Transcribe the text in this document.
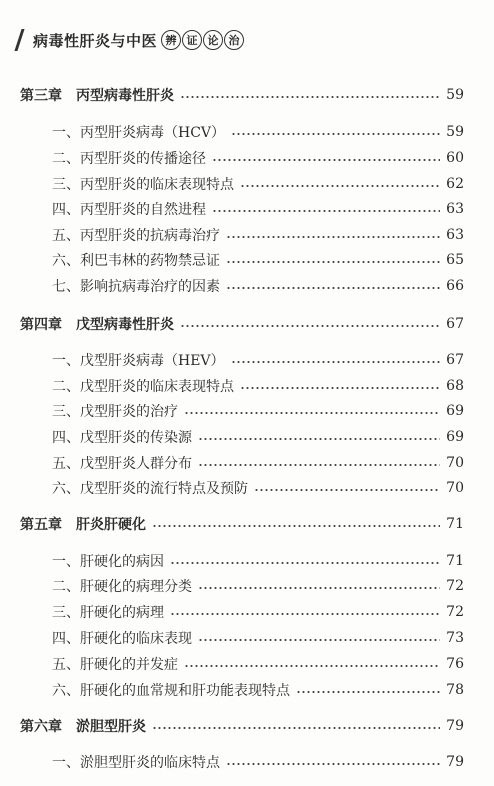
病毒性肝炎与中医 辨 证 论 治
第三章 丙型病毒性肝炎	59
一、丙型肝炎病毒（HCV）	59
二、丙型肝炎的传播途径	60
三、丙型肝炎的临床表现特点	62
四、丙型肝炎的自然进程	63
五、丙型肝炎的抗病毒治疗	63
六、利巴韦林的药物禁忌证	65
七、影响抗病毒治疗的因素	66
第四章 戊型病毒性肝炎	67
一、戊型肝炎病毒（HEV）	67
二、戊型肝炎的临床表现特点	68
三、戊型肝炎的治疗	69
四、戊型肝炎的传染源	69
五、戊型肝炎人群分布	70
六、戊型肝炎的流行特点及预防	70
第五章 肝炎肝硬化	71
一、肝硬化的病因	71
二、肝硬化的病理分类	72
三、肝硬化的病理	72
四、肝硬化的临床表现	73
五、肝硬化的并发症	76
六、肝硬化的血常规和肝功能表现特点	78
第六章 淤胆型肝炎	79
一、淤胆型肝炎的临床特点	79
